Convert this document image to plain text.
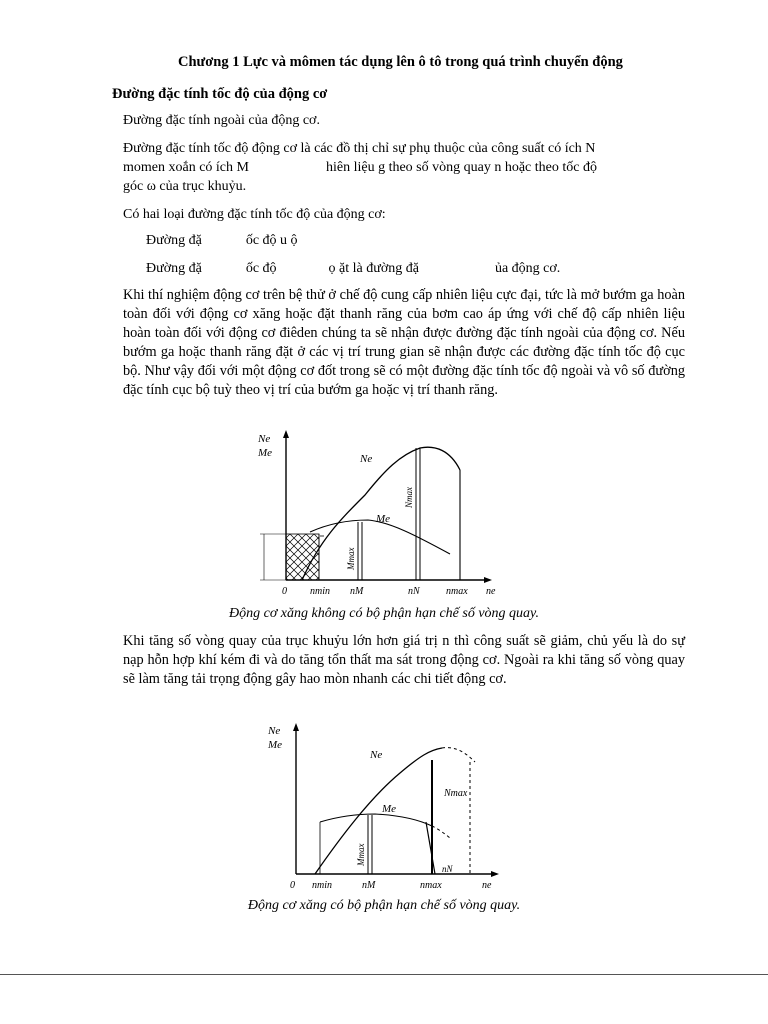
Chương 1 Lực và mômen tác dụng lên ô tô trong quá trình chuyển động
Đường đặc tính tốc độ của động cơ

Đường đặc tính ngoài của động cơ.

Đường đặc tính tốc độ động cơ là các đồ thị chỉ sự phụ thuộc của công suất có ích N

momen xoắn có ích M	hiên liệu g theo số vòng quay n hoặc theo tốc độ

góc ω của trục khuỷu.

Có hai loại đường đặc tính tốc độ của động cơ:

Đường đặ	ốc độ u ộ
Đường đặ	ốc độ	ọ ặt là đường đặ	ủa động cơ.

Khi thí nghiệm động cơ trên bệ thử ở chế độ cung cấp nhiên liệu cực đại, tức là mở bướm ga hoàn toàn đối với động cơ xăng hoặc đặt thanh răng của bơm cao áp ứng với chế độ cấp nhiên liệu hoàn toàn đối với động cơ điêden chúng ta sẽ nhận được đường đặc tính ngoài của động cơ. Nếu bướm ga hoặc thanh răng đặt ở các vị trí trung gian sẽ nhận được các đường đặc tính tốc độ cục bộ. Như vậy đối với một động cơ đốt trong sẽ có một đường đặc tính tốc độ ngoài và vô số đường đặc tính cục bộ tuỳ theo vị trí của bướm ga hoặc vị trí thanh răng.

Ne
Me	Ne
Me
Nmax
Mmax
0 nmin nM	nN	nmax ne
Động cơ xăng không có bộ phận hạn chế số vòng quay.

Khi tăng số vòng quay của trục khuỷu lớn hơn giá trị n thì công suất sẽ giảm, chủ yếu là do sự nạp hỗn hợp khí kém đi và do tăng tổn thất ma sát trong động cơ. Ngoài ra khi tăng số vòng quay sẽ làm tăng tải trọng động gây hao mòn nhanh các chi tiết động cơ.

Ne
Me
Ne
Me
Nmax
Mmax
nN
0 nmin	nM	nmax	ne
Động cơ xăng có bộ phận hạn chế số vòng quay.
